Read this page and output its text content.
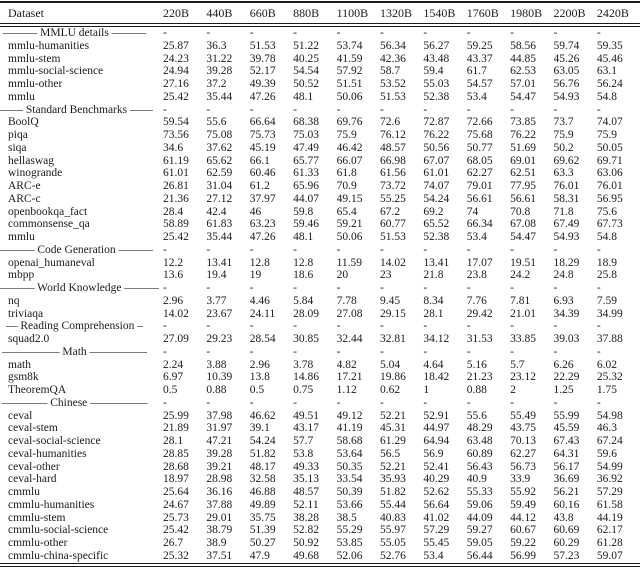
Dataset	220B	440B	660B	880B	1100B	1320B	1540B	1760B	1980B	2200B	2420B
——— MMLU details ———	-	-	-	-	-	-	-	-	-	-	-
mmlu-humanities	25.87	36.3	51.53	51.22	53.74	56.34	56.27	59.25	58.56	59.74	59.35
mmlu-stem	24.23	31.22	39.78	40.25	41.59	42.36	43.48	43.37	44.85	45.26	45.46
mmlu-social-science	24.94	39.28	52.17	54.54	57.92	58.7	59.4	61.7	62.53	63.05	63.1
mmlu-other	27.16	37.2	49.39	50.52	51.51	53.52	55.03	54.57	57.01	56.76	56.24
mmlu	25.42	35.44	47.26	48.1	50.06	51.53	52.38	53.4	54.47	54.93	54.8
—— Standard Benchmarks ——	-	-	-	-	-	-	-	-	-	-	-
BoolQ	59.54	55.6	66.64	68.38	69.76	72.6	72.87	72.66	73.85	73.7	74.07
piqa	73.56	75.08	75.73	75.03	75.9	76.12	76.22	75.68	76.22	75.9	75.9
siqa	34.6	37.62	45.19	47.49	46.42	48.57	50.56	50.77	51.69	50.2	50.05
hellaswag	61.19	65.62	66.1	65.77	66.07	66.98	67.07	68.05	69.01	69.62	69.71
winogrande	61.01	62.59	60.46	61.33	61.8	61.56	61.01	62.27	62.51	63.3	63.06
ARC-e	26.81	31.04	61.2	65.96	70.9	73.72	74.07	79.01	77.95	76.01	76.01
ARC-c	21.36	27.12	37.97	44.07	49.15	55.25	54.24	56.61	56.61	58.31	56.95
openbookqa_fact	28.4	42.4	46	59.8	65.4	67.2	69.2	74	70.8	71.8	75.6
commonsense_qa	58.89	61.83	63.23	59.46	59.21	60.77	65.52	66.34	67.08	67.49	67.73
mmlu	25.42	35.44	47.26	48.1	50.06	51.53	52.38	53.4	54.47	54.93	54.8
——— Code Generation ———	-	-	-	-	-	-	-	-	-	-	-
openai_humaneval	12.2	13.41	12.8	12.8	11.59	14.02	13.41	17.07	19.51	18.29	18.9
mbpp	13.6	19.4	19	18.6	20	23	21.8	23.8	24.2	24.8	25.8
——— World Knowledge ———	-	-	-	-	-	-	-	-	-	-	-
nq	2.96	3.77	4.46	5.84	7.78	9.45	8.34	7.76	7.81	6.93	7.59
triviaqa	14.02	23.67	24.11	28.09	27.08	29.15	28.1	29.42	21.01	34.39	34.99
— Reading Comprehension –	-	-	-	-	-	-	-	-	-	-	-
squad2.0	27.09	29.23	28.54	30.85	32.44	32.81	34.12	31.53	33.85	39.03	37.88
————— Math —————	-	-	-	-	-	-	-	-	-	-	-
math	2.24	3.88	2.96	3.78	4.82	5.04	4.64	5.16	5.7	6.26	6.02
gsm8k	6.97	10.39	13.8	14.86	17.21	19.86	18.42	21.23	23.12	22.29	25.32
TheoremQA	0.5	0.88	0.5	0.75	1.12	0.62	1	0.88	2	1.25	1.75
———— Chinese —————	-	-	-	-	-	-	-	-	-	-	-
ceval	25.99	37.98	46.62	49.51	49.12	52.21	52.91	55.6	55.49	55.99	54.98
ceval-stem	21.89	31.97	39.1	43.17	41.19	45.31	44.97	48.29	43.75	45.59	46.3
ceval-social-science	28.1	47.21	54.24	57.7	58.68	61.29	64.94	63.48	70.13	67.43	67.24
ceval-humanities	28.85	39.28	51.82	53.8	53.64	56.5	56.9	60.89	62.27	64.31	59.6
ceval-other	28.68	39.21	48.17	49.33	50.35	52.21	52.41	56.43	56.73	56.17	54.99
ceval-hard	18.97	28.98	32.58	35.13	33.54	35.93	40.29	40.9	33.9	36.69	36.92
cmmlu	25.64	36.16	46.88	48.57	50.39	51.82	52.62	55.33	55.92	56.21	57.29
cmmlu-humanities	24.67	37.88	49.89	52.11	53.66	55.44	56.64	59.06	59.49	60.16	61.58
cmmlu-stem	25.73	29.01	35.75	38.28	38.5	40.83	41.02	44.09	44.12	43.8	44.19
cmmlu-social-science	25.42	38.79	51.39	52.82	55.29	55.97	57.29	59.27	60.67	60.69	62.17
cmmlu-other	26.7	38.9	50.27	50.92	53.85	55.05	55.45	59.05	59.22	60.29	61.28
cmmlu-china-specific	25.32	37.51	47.9	49.68	52.06	52.76	53.4	56.44	56.99	57.23	59.07
